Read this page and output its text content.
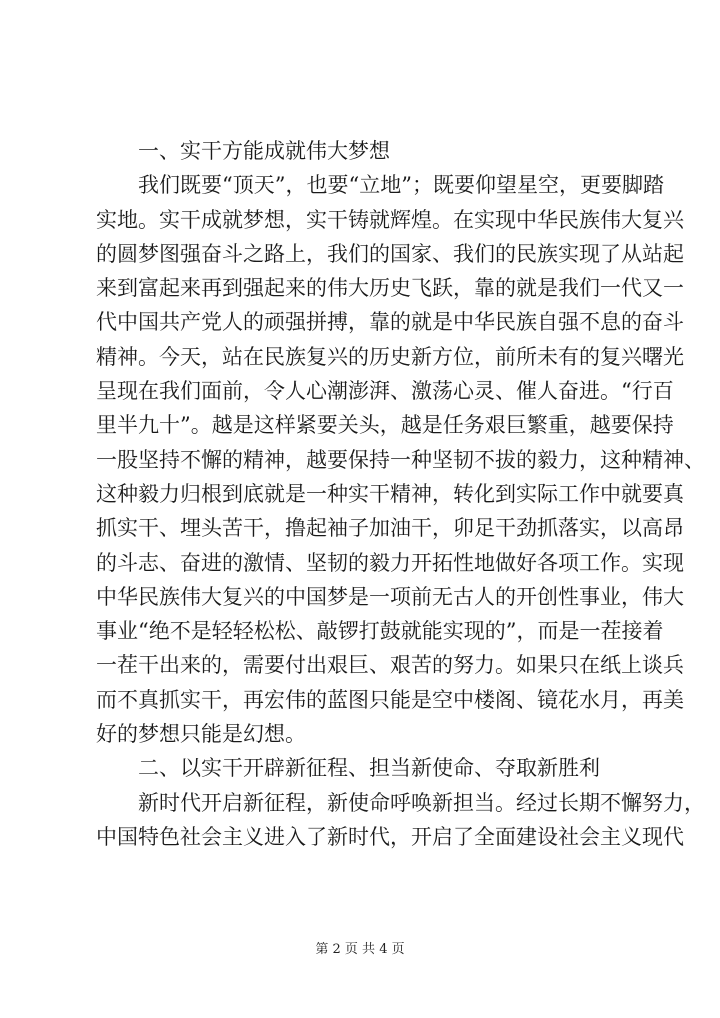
一、实干方能成就伟大梦想
我们既要“顶天”，也要“立地”；既要仰望星空，更要脚踏
实地。实干成就梦想，实干铸就辉煌。在实现中华民族伟大复兴
的圆梦图强奋斗之路上，我们的国家、我们的民族实现了从站起
来到富起来再到强起来的伟大历史飞跃，靠的就是我们一代又一
代中国共产党人的顽强拼搏，靠的就是中华民族自强不息的奋斗
精神。今天，站在民族复兴的历史新方位，前所未有的复兴曙光
呈现在我们面前，令人心潮澎湃、激荡心灵、催人奋进。“行百
里半九十”。越是这样紧要关头，越是任务艰巨繁重，越要保持
一股坚持不懈的精神，越要保持一种坚韧不拔的毅力，这种精神、
这种毅力归根到底就是一种实干精神，转化到实际工作中就要真
抓实干、埋头苦干，撸起袖子加油干，卯足干劲抓落实，以高昂
的斗志、奋进的激情、坚韧的毅力开拓性地做好各项工作。实现
中华民族伟大复兴的中国梦是一项前无古人的开创性事业，伟大
事业“绝不是轻轻松松、敲锣打鼓就能实现的”，而是一茬接着
一茬干出来的，需要付出艰巨、艰苦的努力。如果只在纸上谈兵
而不真抓实干，再宏伟的蓝图只能是空中楼阁、镜花水月，再美
好的梦想只能是幻想。
二、以实干开辟新征程、担当新使命、夺取新胜利
新时代开启新征程，新使命呼唤新担当。经过长期不懈努力，
中国特色社会主义进入了新时代，开启了全面建设社会主义现代
第 2 页 共 4 页
